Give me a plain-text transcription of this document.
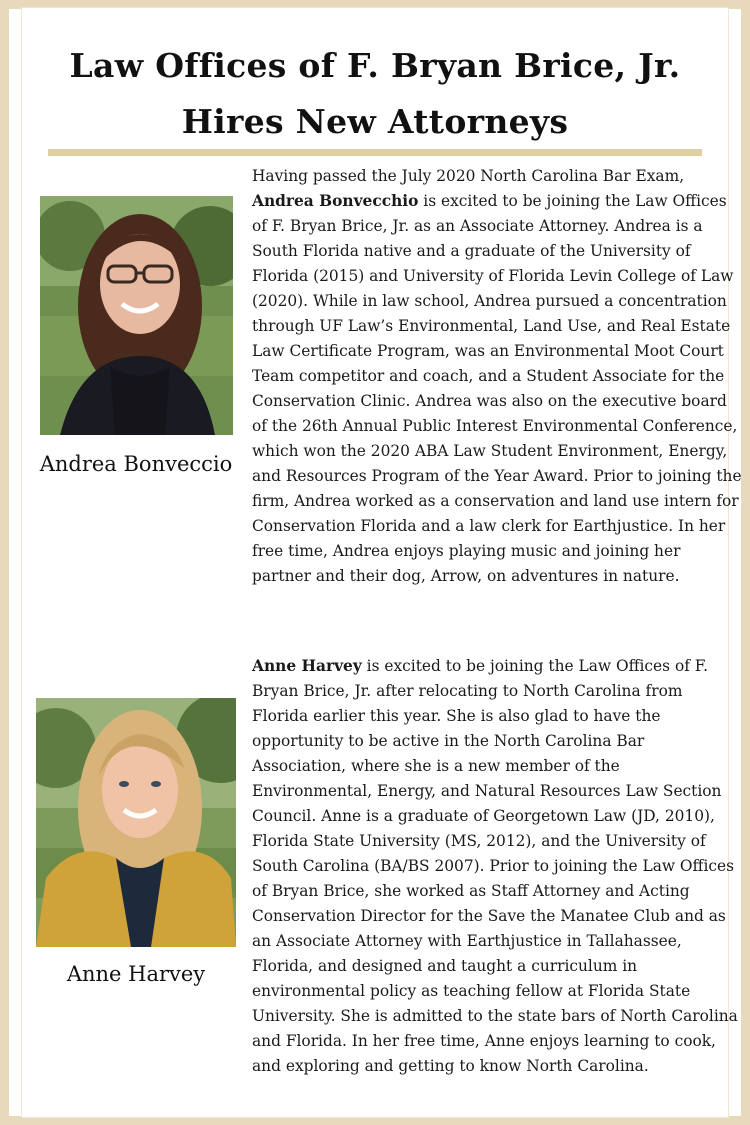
Law Offices of F. Bryan Brice, Jr.
Hires New Attorneys
Andrea Bonveccio

Having passed the July 2020 North Carolina Bar Exam,
Andrea Bonvecchio is excited to be joining the Law Offices of F. Bryan Brice, Jr. as an Associate Attorney. Andrea is a South Florida native and a graduate of the University of Florida (2015) and University of Florida Levin College of Law (2020). While in law school, Andrea pursued a concentration through UF Law’s Environmental, Land Use, and Real Estate Law Certificate Program, was an Environmental Moot Court Team competitor and coach, and a Student Associate for the Conservation Clinic. Andrea was also on the executive board of the 26th Annual Public Interest Environmental Conference, which won the 2020 ABA Law Student Environment, Energy, and Resources Program of the Year Award. Prior to joining the firm, Andrea worked as a conservation and land use intern for Conservation Florida and a law clerk for Earthjustice. In her free time, Andrea enjoys playing music and joining her partner and their dog, Arrow, on adventures in nature.

Anne Harvey

Anne Harvey is excited to be joining the Law Offices of F. Bryan Brice, Jr. after relocating to North Carolina from Florida earlier this year. She is also glad to have the opportunity to be active in the North Carolina Bar Association, where she is a new member of the Environmental, Energy, and Natural Resources Law Section Council. Anne is a graduate of Georgetown Law (JD, 2010), Florida State University (MS, 2012), and the University of South Carolina (BA/BS 2007). Prior to joining the Law Offices of Bryan Brice, she worked as Staff Attorney and Acting Conservation Director for the Save the Manatee Club and as an Associate Attorney with Earthjustice in Tallahassee, Florida, and designed and taught a curriculum in environmental policy as teaching fellow at Florida State University. She is admitted to the state bars of North Carolina and Florida. In her free time, Anne enjoys learning to cook, and exploring and getting to know North Carolina.
